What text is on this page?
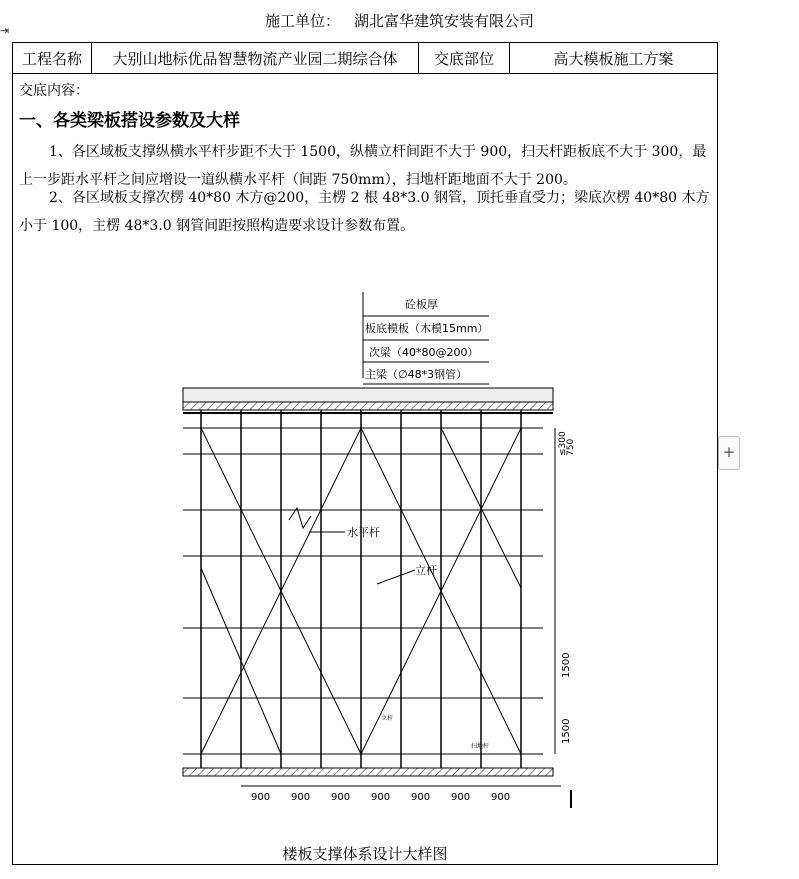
⇥
施工单位： 湖北富华建筑安装有限公司
工程名称	大别山地标优品智慧物流产业园二期综合体	交底部位	高大模板施工方案
交底内容：
一、各类梁板搭设参数及大样
1、各区域板支撑纵横水平杆步距不大于 1500，纵横立杆间距不大于 900，扫天杆距板底不大于 300，最上一步距水平杆之间应增设一道纵横水平杆（间距 750mm），扫地杆距地面不大于 200。
2、各区域板支撑次楞 40*80 木方@200，主楞 2 根 48*3.0 钢管，顶托垂直受力；梁底次楞 40*80 木方小于 100，主楞 48*3.0 钢管间距按照构造要求设计参数布置。
砼板厚
板底模板（木模15mm）
次梁（40*80@200）
主梁（∅48*3钢管）
水平杆
立杆
立杆
扫地杆
≤300
750
1500
1500
900 900 900 900 900 900 900
楼板支撑体系设计大样图
+
